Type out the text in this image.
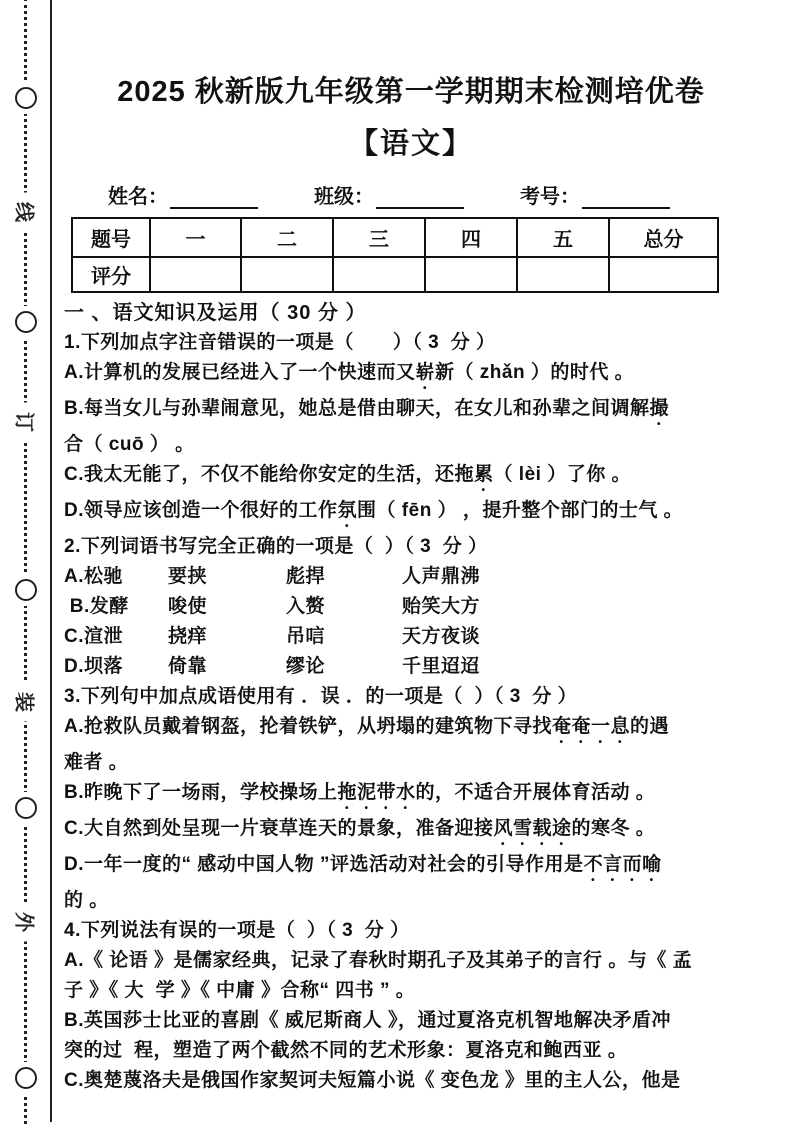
线
订
装
外
2025 秋新版九年级第一学期期末检测培优卷
【语文】
姓名：	班级：	考号：
题号	一	二	三	四	五	总分
评分						
一 、语文知识及运用（ 30 分 ）
1.下列加点字注音错误的一项是（　　）（ 3  分 ）
A.计算机的发展已经进入了一个快速而又崭新（ zhǎn ）的时代 。
B.每当女儿与孙辈闹意见，她总是借由聊天，在女儿和孙辈之间调解撮
合（ cuō ） 。
C.我太无能了，不仅不能给你安定的生活，还拖累（ lèi ）了你 。
D.领导应该创造一个很好的工作氛围（ fēn ） ，提升整个部门的士气 。
2.下列词语书写完全正确的一项是（  ）（ 3  分 ）
A.松驰	要挟	彪捍	人声鼎沸
B.发酵	唆使	入赘	贻笑大方
C.渲泄	挠痒	吊唁	天方夜谈
D.坝落	倚靠	缪论	千里迢迢
3.下列句中加点成语使用有 ．误 ．的一项是（  ）（ 3  分 ）
A.抢救队员戴着钢盔，抡着铁铲，从坍塌的建筑物下寻找奄奄一息的遇
难者 。
B.昨晚下了一场雨，学校操场上拖泥带水的，不适合开展体育活动 。
C.大自然到处呈现一片衰草连天的景象，准备迎接风雪载途的寒冬 。
D.一年一度的“ 感动中国人物 ”评选活动对社会的引导作用是不言而喻
的 。
4.下列说法有误的一项是（  ）（ 3  分 ）
A.《 论语 》是儒家经典，记录了春秋时期孔子及其弟子的言行 。与《 孟
子 》《 大  学 》《 中庸 》合称“ 四书 ” 。
B.英国莎士比亚的喜剧《 威尼斯商人 》，通过夏洛克机智地解决矛盾冲
突的过  程，塑造了两个截然不同的艺术形象：夏洛克和鲍西亚 。
C.奥楚蔑洛夫是俄国作家契诃夫短篇小说《 变色龙 》里的主人公，他是
